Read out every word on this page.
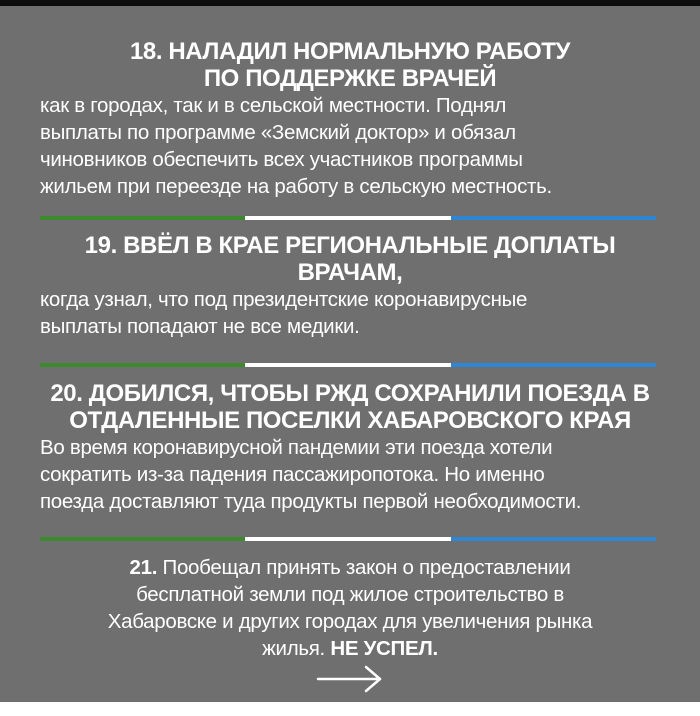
18. НАЛАДИЛ НОРМАЛЬНУЮ РАБОТУ

ПО ПОДДЕРЖКЕ ВРАЧЕЙ

как в городах, так и в сельской местности. Поднял

выплаты по программе «Земский доктор» и обязал

чиновников обеспечить всех участников программы

жильем при переезде на работу в сельскую местность.

19. ВВЁЛ В КРАЕ РЕГИОНАЛЬНЫЕ ДОПЛАТЫ

ВРАЧАМ,

когда узнал, что под президентские коронавирусные

выплаты попадают не все медики.

20. ДОБИЛСЯ, ЧТОБЫ РЖД СОХРАНИЛИ ПОЕЗДА В

ОТДАЛЕННЫЕ ПОСЕЛКИ ХАБАРОВСКОГО КРАЯ

Во время коронавирусной пандемии эти поезда хотели

сократить из-за падения пассажиропотока. Но именно

поезда доставляют туда продукты первой необходимости.

21. Пообещал принять закон о предоставлении

бесплатной земли под жилое строительство в

Хабаровске и других городах для увеличения рынка

жилья. НЕ УСПЕЛ.
